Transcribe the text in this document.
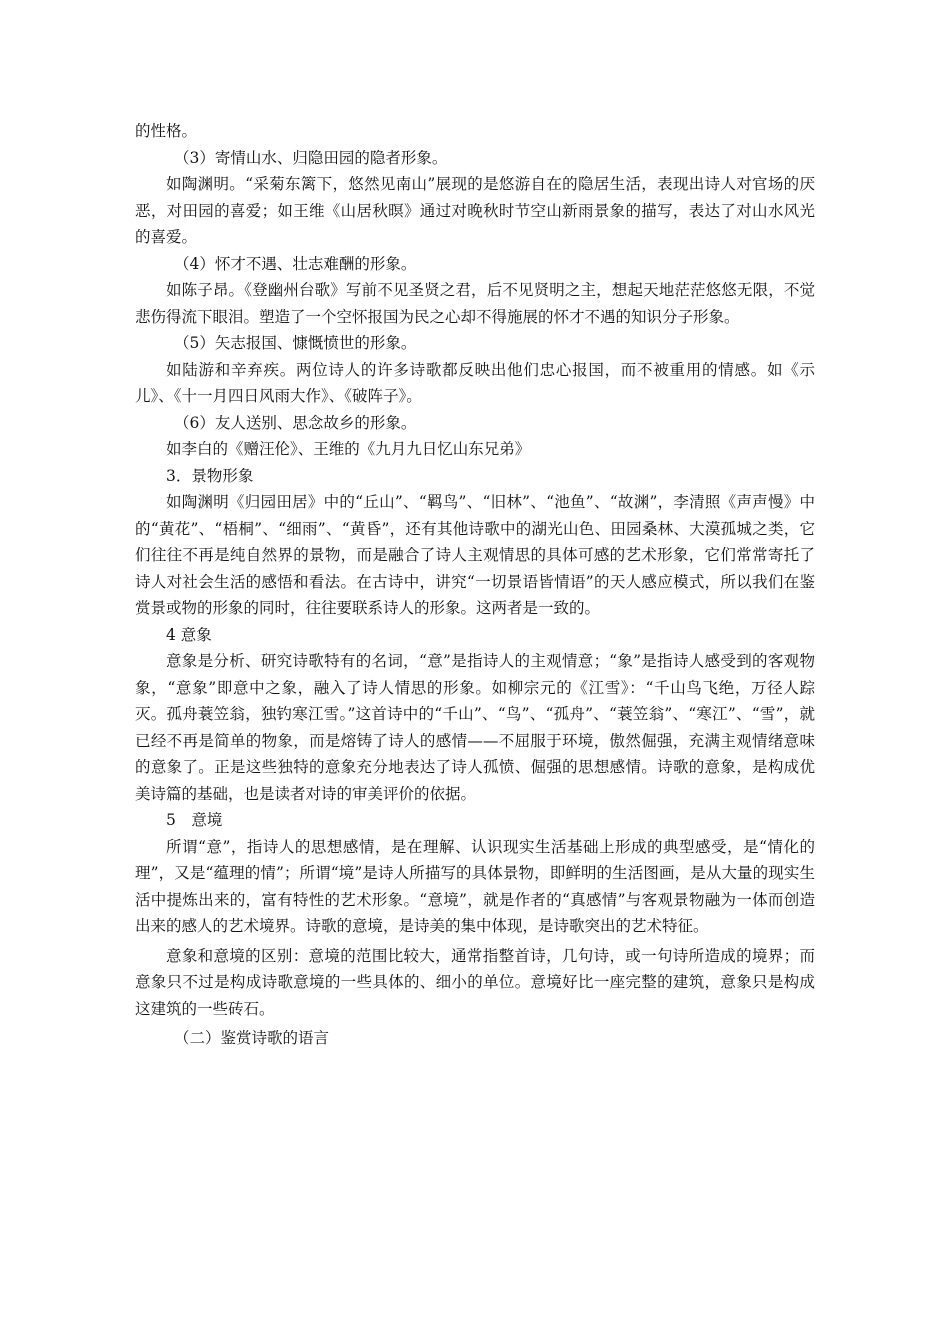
的性格。

（3）寄情山水、归隐田园的隐者形象。

如陶渊明。“采菊东篱下，悠然见南山”展现的是悠游自在的隐居生活，表现出诗人对官场的厌恶，对田园的喜爱；如王维《山居秋暝》通过对晚秋时节空山新雨景象的描写，表达了对山水风光的喜爱。

（4）怀才不遇、壮志难酬的形象。

如陈子昂。《登幽州台歌》写前不见圣贤之君，后不见贤明之主，想起天地茫茫悠悠无限，不觉悲伤得流下眼泪。塑造了一个空怀报国为民之心却不得施展的怀才不遇的知识分子形象。

（5）矢志报国、慷慨愤世的形象。

如陆游和辛弃疾。两位诗人的许多诗歌都反映出他们忠心报国，而不被重用的情感。如《示儿》、《十一月四日风雨大作》、《破阵子》。

（6）友人送别、思念故乡的形象。

如李白的《赠汪伦》、王维的《九月九日忆山东兄弟》

3．景物形象

如陶渊明《归园田居》中的“丘山”、“羁鸟”、“旧林”、“池鱼”、“故渊”，李清照《声声慢》中的“黄花”、“梧桐”、“细雨”、“黄昏”，还有其他诗歌中的湖光山色、田园桑林、大漠孤城之类，它们往往不再是纯自然界的景物，而是融合了诗人主观情思的具体可感的艺术形象，它们常常寄托了诗人对社会生活的感悟和看法。在古诗中，讲究“一切景语皆情语”的天人感应模式，所以我们在鉴赏景或物的形象的同时，往往要联系诗人的形象。这两者是一致的。

4 意象

意象是分析、研究诗歌特有的名词，“意”是指诗人的主观情意；“象”是指诗人感受到的客观物象，“意象”即意中之象，融入了诗人情思的形象。如柳宗元的《江雪》：“千山鸟飞绝，万径人踪灭。孤舟蓑笠翁，独钓寒江雪。”这首诗中的“千山”、“鸟”、“孤舟”、“蓑笠翁”、“寒江”、“雪”，就已经不再是简单的物象，而是熔铸了诗人的感情——不屈服于环境，傲然倔强，充满主观情绪意味的意象了。正是这些独特的意象充分地表达了诗人孤愤、倔强的思想感情。诗歌的意象，是构成优美诗篇的基础，也是读者对诗的审美评价的依据。

5　意境

所谓“意”，指诗人的思想感情，是在理解、认识现实生活基础上形成的典型感受，是“情化的理”，又是“蕴理的情”；所谓“境”是诗人所描写的具体景物，即鲜明的生活图画，是从大量的现实生活中提炼出来的，富有特性的艺术形象。“意境”，就是作者的“真感情”与客观景物融为一体而创造出来的感人的艺术境界。诗歌的意境，是诗美的集中体现，是诗歌突出的艺术特征。

意象和意境的区别：意境的范围比较大，通常指整首诗，几句诗，或一句诗所造成的境界；而意象只不过是构成诗歌意境的一些具体的、细小的单位。意境好比一座完整的建筑，意象只是构成这建筑的一些砖石。

（二）鉴赏诗歌的语言
